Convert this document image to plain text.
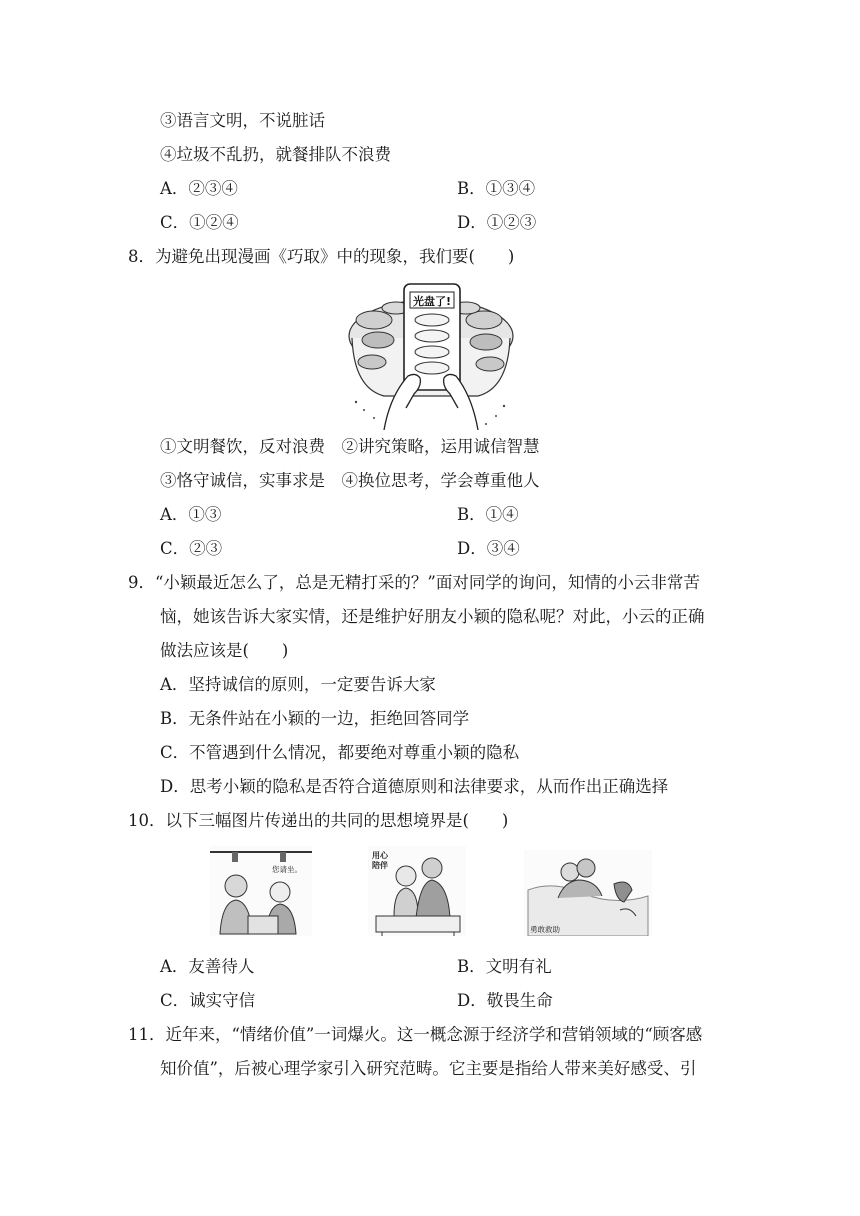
③语言文明，不说脏话
④垃圾不乱扔，就餐排队不浪费
A．②③④	B．①③④
C．①②④	D．①②③
8．为避免出现漫画《巧取》中的现象，我们要(　　)
光盘了!
①文明餐饮，反对浪费　②讲究策略，运用诚信智慧
③恪守诚信，实事求是　④换位思考，学会尊重他人
A．①③	B．①④
C．②③	D．③④
9．“小颖最近怎么了，总是无精打采的？”面对同学的询问，知情的小云非常苦
恼，她该告诉大家实情，还是维护好朋友小颖的隐私呢？对此，小云的正确
做法应该是(　　)
A．坚持诚信的原则，一定要告诉大家
B．无条件站在小颖的一边，拒绝回答同学
C．不管遇到什么情况，都要绝对尊重小颖的隐私
D．思考小颖的隐私是否符合道德原则和法律要求，从而作出正确选择
10．以下三幅图片传递出的共同的思想境界是(　　)
您请坐。
用心
陪伴
勇敢救助
A．友善待人	B．文明有礼
C．诚实守信	D．敬畏生命
11．近年来，“情绪价值”一词爆火。这一概念源于经济学和营销领域的“顾客感
知价值”，后被心理学家引入研究范畴。它主要是指给人带来美好感受、引
